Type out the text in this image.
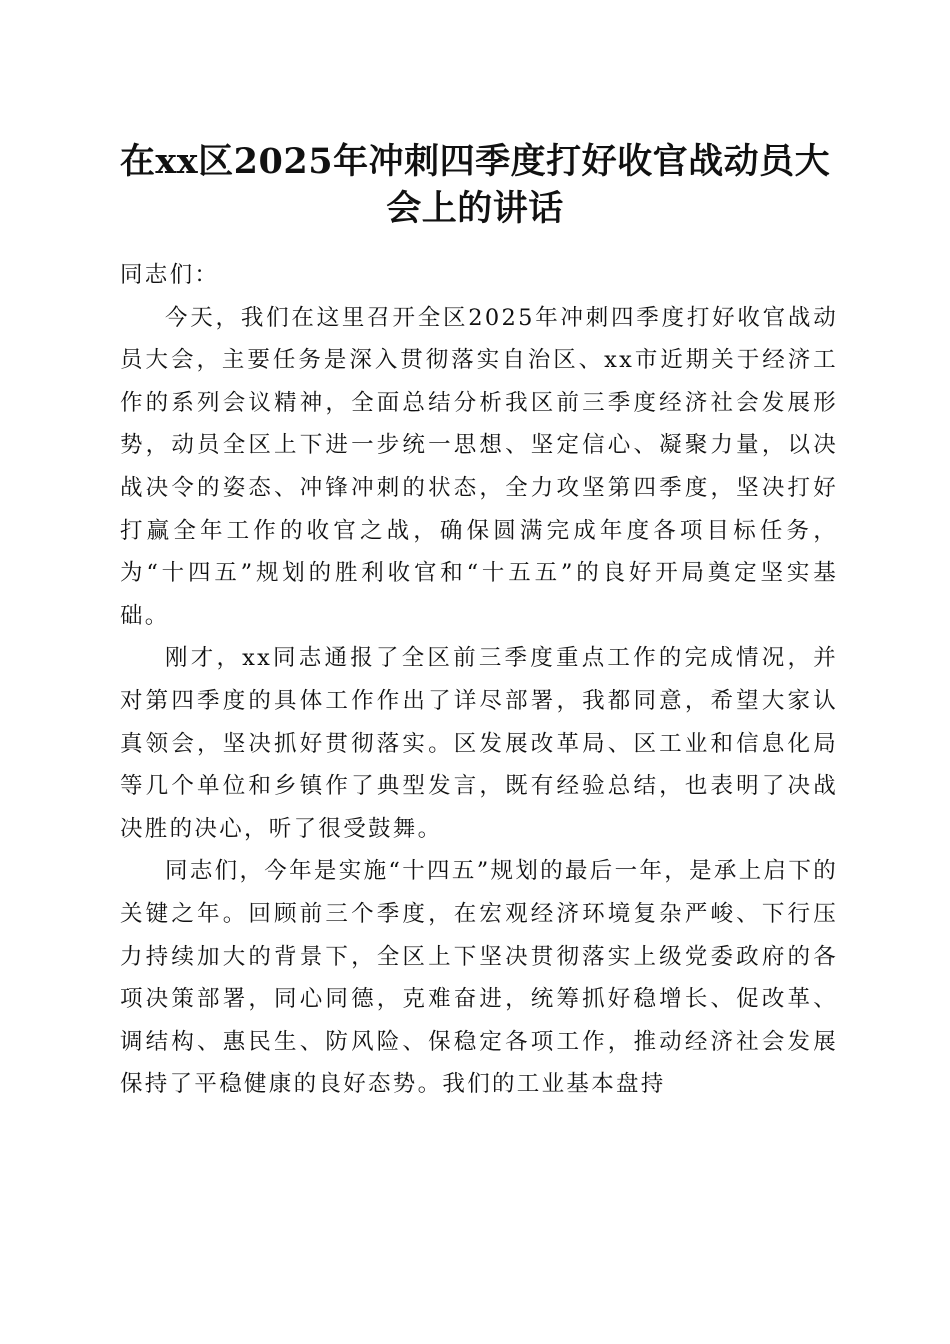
在xx区2025年冲刺四季度打好收官战动员大会上的讲话

同志们：

今天，我们在这里召开全区2025年冲刺四季度打好收官战动员大会，主要任务是深入贯彻落实自治区、xx市近期关于经济工作的系列会议精神，全面总结分析我区前三季度经济社会发展形势，动员全区上下进一步统一思想、坚定信心、凝聚力量，以决战决令的姿态、冲锋冲刺的状态，全力攻坚第四季度，坚决打好打赢全年工作的收官之战，确保圆满完成年度各项目标任务，为“十四五”规划的胜利收官和“十五五”的良好开局奠定坚实基础。

刚才，xx同志通报了全区前三季度重点工作的完成情况，并对第四季度的具体工作作出了详尽部署，我都同意，希望大家认真领会，坚决抓好贯彻落实。区发展改革局、区工业和信息化局等几个单位和乡镇作了典型发言，既有经验总结，也表明了决战决胜的决心，听了很受鼓舞。

同志们，今年是实施“十四五”规划的最后一年，是承上启下的关键之年。回顾前三个季度，在宏观经济环境复杂严峻、下行压力持续加大的背景下，全区上下坚决贯彻落实上级党委政府的各项决策部署，同心同德，克难奋进，统筹抓好稳增长、促改革、调结构、惠民生、防风险、保稳定各项工作，推动经济社会发展保持了平稳健康的良好态势。我们的工业基本盘持
